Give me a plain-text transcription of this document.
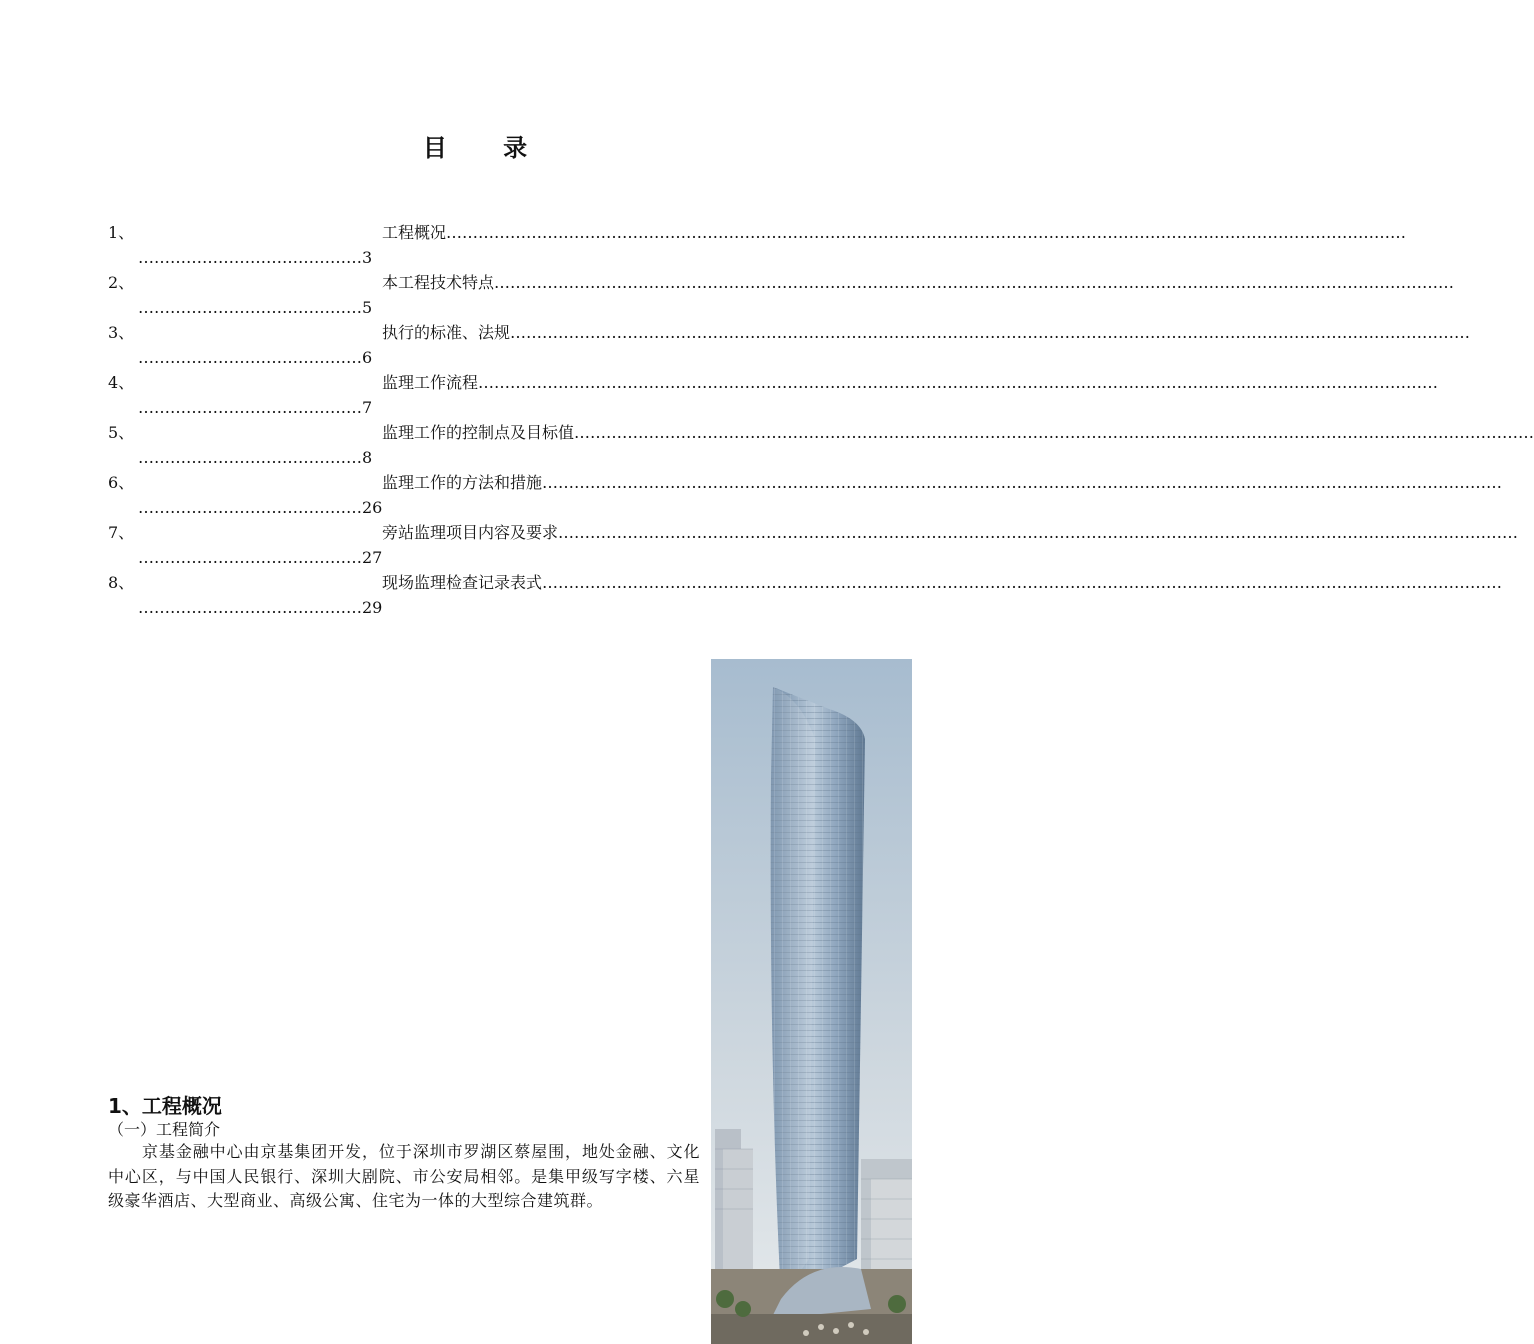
目 录
1、	工程概况………………………………………………………………………………………………………………………………………………………………
……………………………………3
2、	本工程技术特点………………………………………………………………………………………………………………………………………………………………
……………………………………5
3、	执行的标准、法规………………………………………………………………………………………………………………………………………………………………
……………………………………6
4、	监理工作流程………………………………………………………………………………………………………………………………………………………………
……………………………………7
5、	监理工作的控制点及目标值………………………………………………………………………………………………………………………………………………………………
……………………………………8
6、	监理工作的方法和措施………………………………………………………………………………………………………………………………………………………………
……………………………………26
7、	旁站监理项目内容及要求………………………………………………………………………………………………………………………………………………………………
……………………………………27
8、	现场监理检查记录表式………………………………………………………………………………………………………………………………………………………………
……………………………………29
1、工程概况
（一）工程简介
京基金融中心由京基集团开发，位于深圳市罗湖区蔡屋围，地处金融、文化中心区，与中国人民银行、深圳大剧院、市公安局相邻。是集甲级写字楼、六星级豪华酒店、大型商业、高级公寓、住宅为一体的大型综合建筑群。
